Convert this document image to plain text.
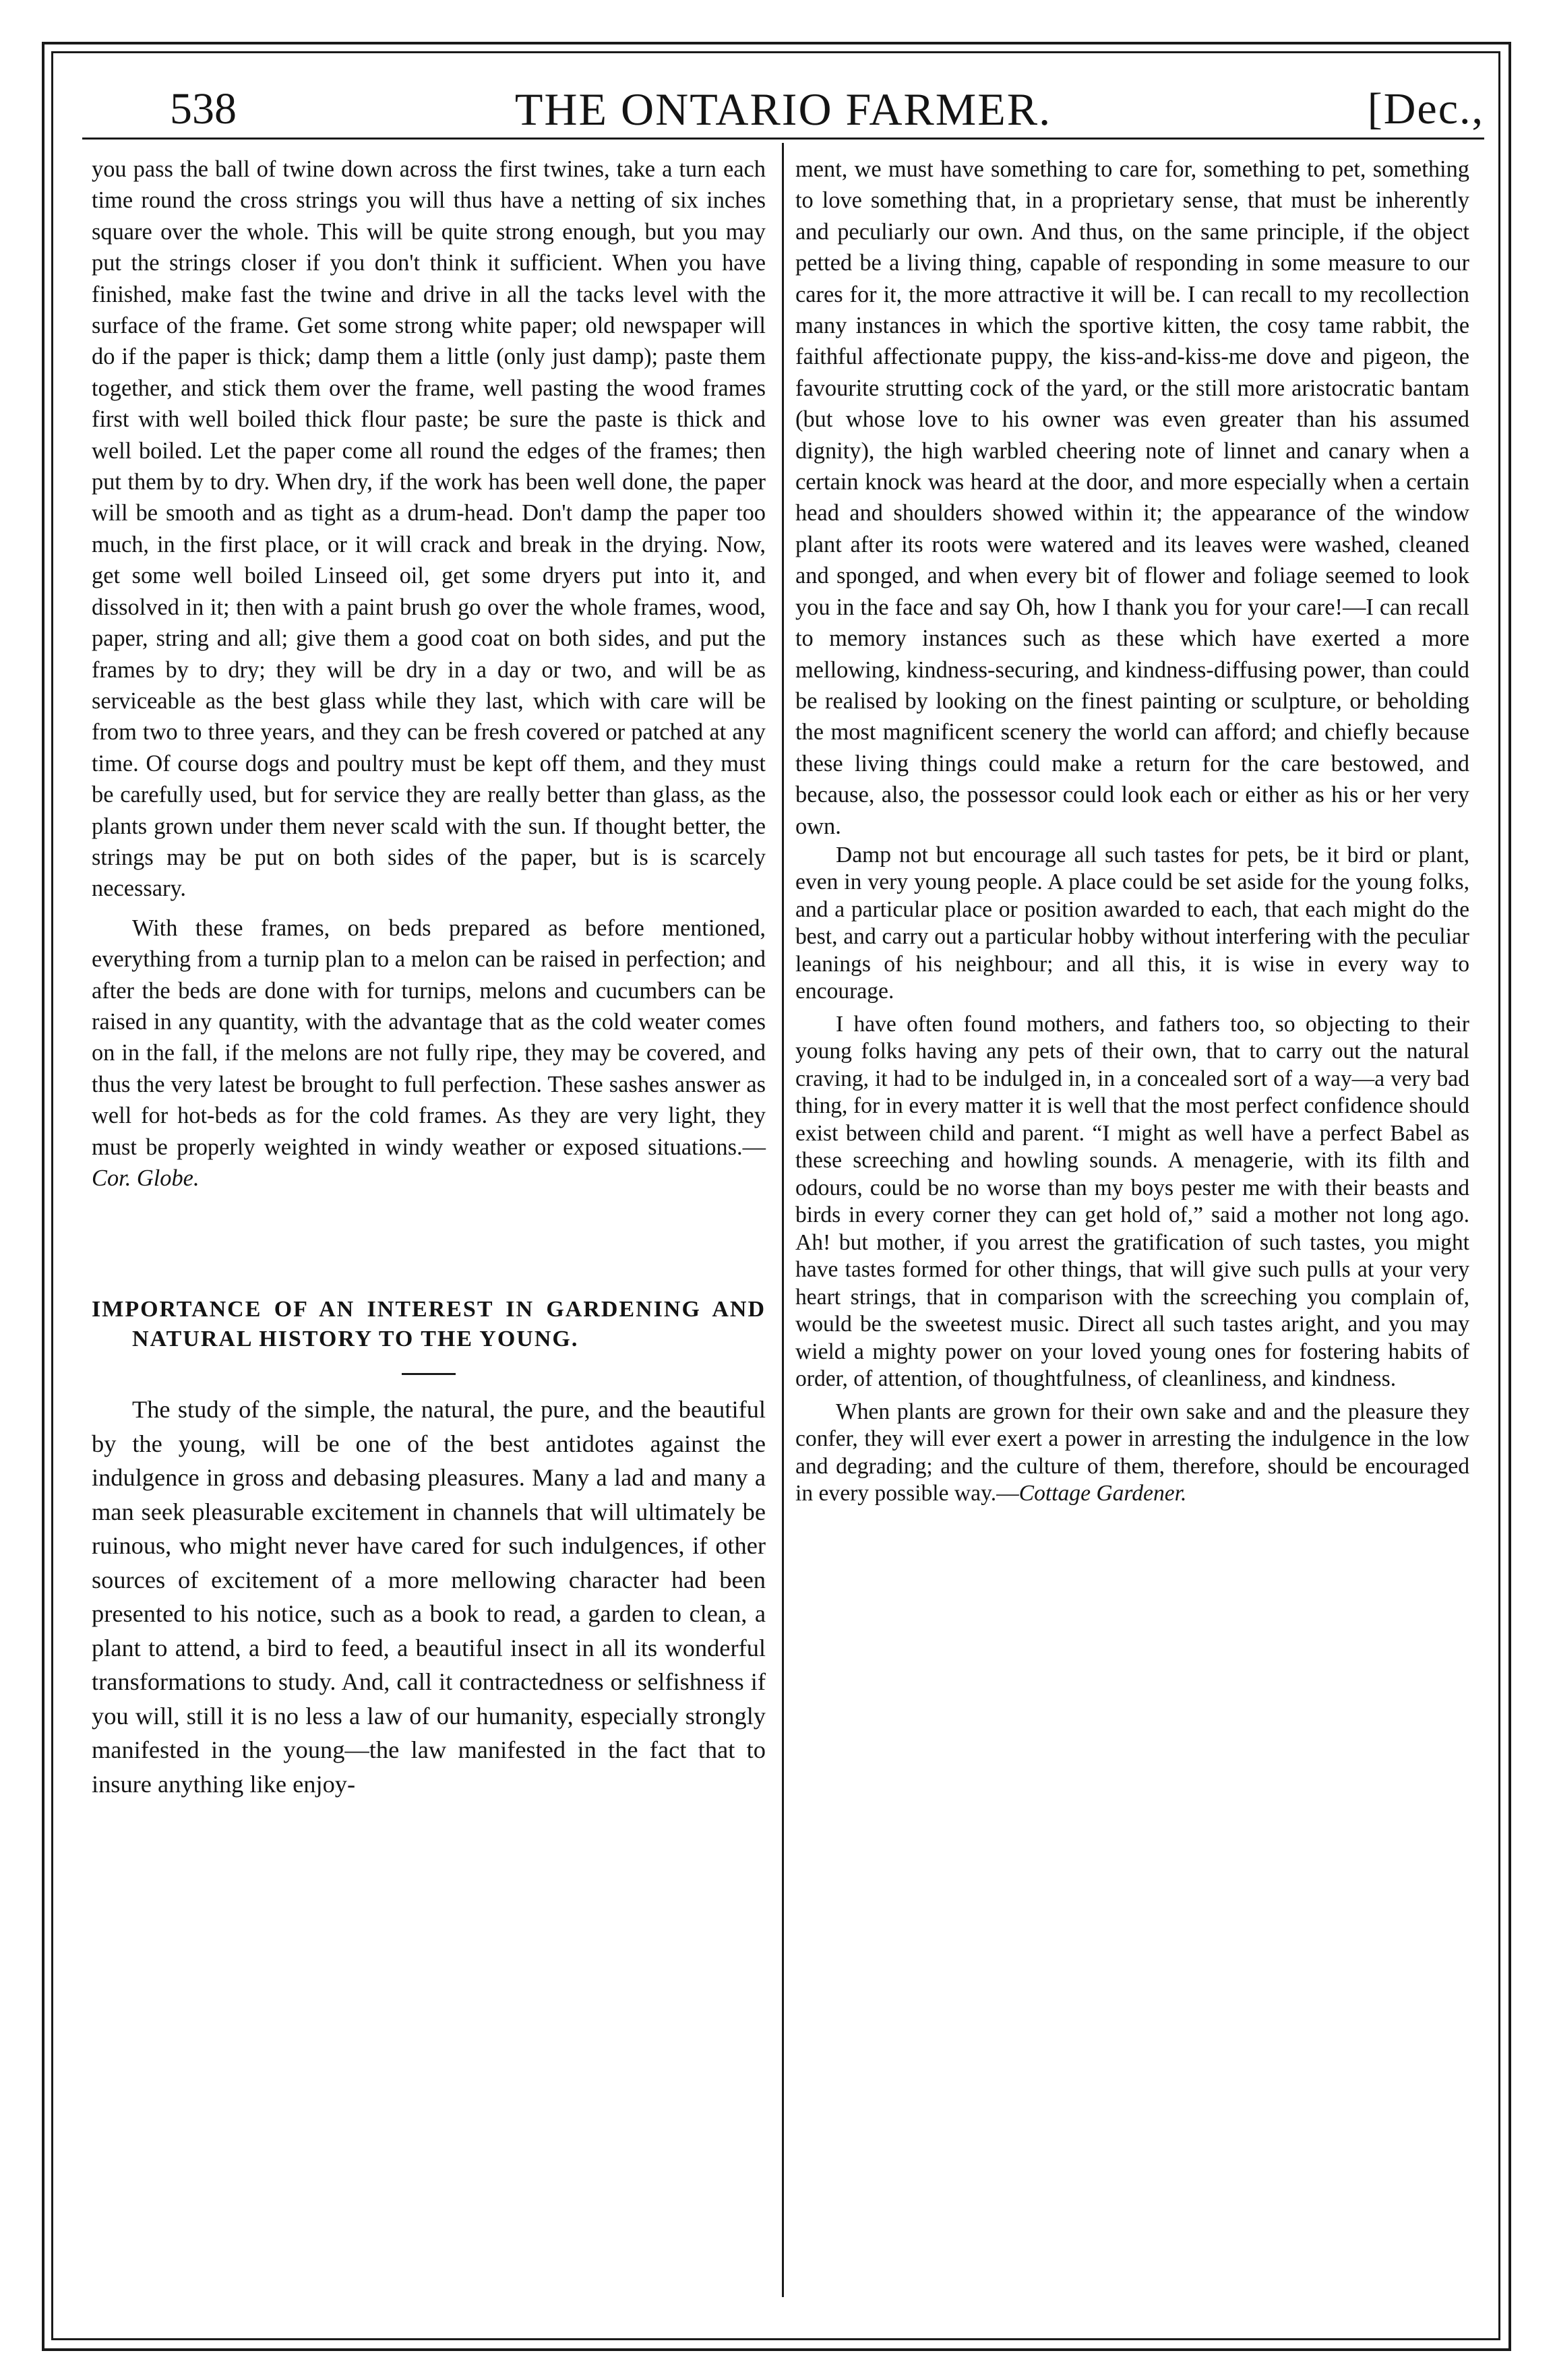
538	THE ONTARIO FARMER.	[Dec.,

you pass the ball of twine down across the first twines, take a turn each time round the cross strings you will thus have a netting of six inches square over the whole. This will be quite strong enough, but you may put the strings closer if you don't think it sufficient. When you have finished, make fast the twine and drive in all the tacks level with the surface of the frame. Get some strong white paper; old newspaper will do if the paper is thick; damp them a little (only just damp); paste them together, and stick them over the frame, well pasting the wood frames first with well boiled thick flour paste; be sure the paste is thick and well boiled. Let the paper come all round the edges of the frames; then put them by to dry. When dry, if the work has been well done, the paper will be smooth and as tight as a drum-head. Don't damp the paper too much, in the first place, or it will crack and break in the drying. Now, get some well boiled Linseed oil, get some dryers put into it, and dissolved in it; then with a paint brush go over the whole frames, wood, paper, string and all; give them a good coat on both sides, and put the frames by to dry; they will be dry in a day or two, and will be as serviceable as the best glass while they last, which with care will be from two to three years, and they can be fresh covered or patched at any time. Of course dogs and poultry must be kept off them, and they must be carefully used, but for service they are really better than glass, as the plants grown under them never scald with the sun. If thought better, the strings may be put on both sides of the paper, but is is scarcely necessary.

With these frames, on beds prepared as before mentioned, everything from a turnip plan to a melon can be raised in perfection; and after the beds are done with for turnips, melons and cucumbers can be raised in any quantity, with the advantage that as the cold weater comes on in the fall, if the melons are not fully ripe, they may be covered, and thus the very latest be brought to full perfection. These sashes answer as well for hot-beds as for the cold frames. As they are very light, they must be properly weighted in windy weather or exposed situations.—Cor. Globe.

IMPORTANCE OF AN INTEREST IN GARDENING AND NATURAL HISTORY TO THE YOUNG.

The study of the simple, the natural, the pure, and the beautiful by the young, will be one of the best antidotes against the indulgence in gross and debasing pleasures. Many a lad and many a man seek pleasurable excitement in channels that will ultimately be ruinous, who might never have cared for such indulgences, if other sources of excitement of a more mellowing character had been presented to his notice, such as a book to read, a garden to clean, a plant to attend, a bird to feed, a beautiful insect in all its wonderful transformations to study. And, call it contractedness or selfishness if you will, still it is no less a law of our humanity, especially strongly manifested in the young—the law manifested in the fact that to insure anything like enjoy-

ment, we must have something to care for, something to pet, something to love something that, in a proprietary sense, that must be inherently and peculiarly our own. And thus, on the same principle, if the object petted be a living thing, capable of responding in some measure to our cares for it, the more attractive it will be. I can recall to my recollection many instances in which the sportive kitten, the cosy tame rabbit, the faithful affectionate puppy, the kiss-and-kiss-me dove and pigeon, the favourite strutting cock of the yard, or the still more aristocratic bantam (but whose love to his owner was even greater than his assumed dignity), the high warbled cheering note of linnet and canary when a certain knock was heard at the door, and more especially when a certain head and shoulders showed within it; the appearance of the window plant after its roots were watered and its leaves were washed, cleaned and sponged, and when every bit of flower and foliage seemed to look you in the face and say Oh, how I thank you for your care!—I can recall to memory instances such as these which have exerted a more mellowing, kindness-securing, and kindness-diffusing power, than could be realised by looking on the finest painting or sculpture, or beholding the most magnificent scenery the world can afford; and chiefly because these living things could make a return for the care bestowed, and because, also, the possessor could look each or either as his or her very own.

Damp not but encourage all such tastes for pets, be it bird or plant, even in very young people. A place could be set aside for the young folks, and a particular place or position awarded to each, that each might do the best, and carry out a particular hobby without interfering with the peculiar leanings of his neighbour; and all this, it is wise in every way to encourage.

I have often found mothers, and fathers too, so objecting to their young folks having any pets of their own, that to carry out the natural craving, it had to be indulged in, in a concealed sort of a way—a very bad thing, for in every matter it is well that the most perfect confidence should exist between child and parent. “I might as well have a perfect Babel as these screeching and howling sounds. A menagerie, with its filth and odours, could be no worse than my boys pester me with their beasts and birds in every corner they can get hold of,” said a mother not long ago. Ah! but mother, if you arrest the gratification of such tastes, you might have tastes formed for other things, that will give such pulls at your very heart strings, that in comparison with the screeching you complain of, would be the sweetest music. Direct all such tastes aright, and you may wield a mighty power on your loved young ones for fostering habits of order, of attention, of thoughtfulness, of cleanliness, and kindness.

When plants are grown for their own sake and and the pleasure they confer, they will ever exert a power in arresting the indulgence in the low and degrading; and the culture of them, therefore, should be encouraged in every possible way.—Cottage Gardener.
